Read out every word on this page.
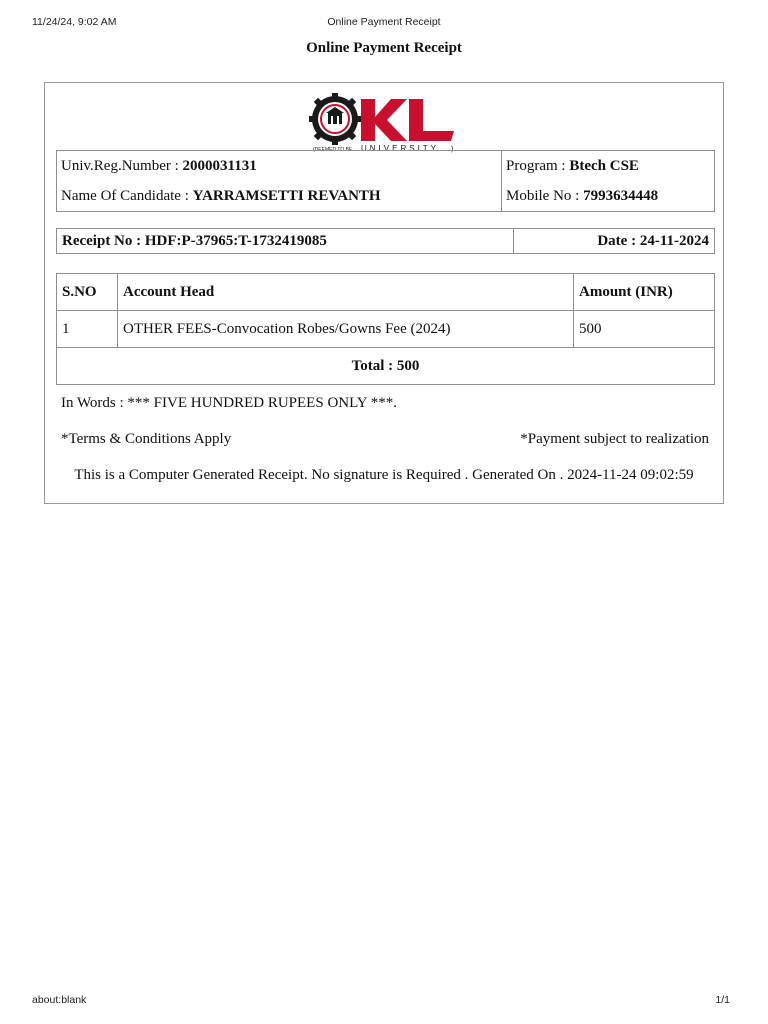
11/24/24, 9:02 AM	Online Payment Receipt
Online Payment Receipt
(DEEMED TO BE UNIVERSITY )
Univ.Reg.Number : 2000031131	Program : Btech CSE
Name Of Candidate : YARRAMSETTI REVANTH	Mobile No : 7993634448
Receipt No : HDF:P-37965:T-1732419085	Date : 24-11-2024
S.NO	Account Head	Amount (INR)
1	OTHER FEES-Convocation Robes/Gowns Fee (2024)	500
Total : 500		
In Words : *** FIVE HUNDRED RUPEES ONLY ***.
*Terms & Conditions Apply	*Payment subject to realization
This is a Computer Generated Receipt. No signature is Required . Generated On . 2024-11-24 09:02:59
about:blank	1/1
